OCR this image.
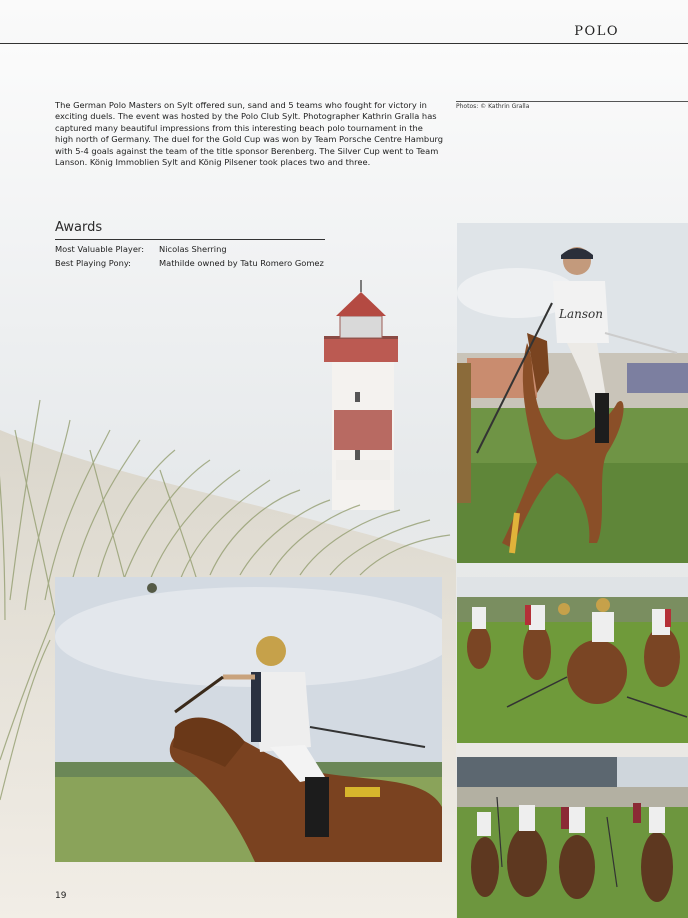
POLO
The German Polo Masters on Sylt offered sun, sand and 5 teams who fought for victory in exciting duels. The event was hosted by the Polo Club Sylt. Photographer Kathrin Gralla has captured many beautiful impressions from this interesting beach polo tournament in the high north of Germany. The duel for the Gold Cup was won by Team Porsche Centre Hamburg with 5-4 goals against the team of the title sponsor Berenberg. The Silver Cup went to Team Lanson. König Immoblien Sylt and König Pilsener took places two and three.
Photos: © Kathrin Gralla
Awards
Most Valuable Player: Nicolas Sherring
Best Playing Pony:	Mathilde owned by Tatu Romero Gomez
Lanson
19
